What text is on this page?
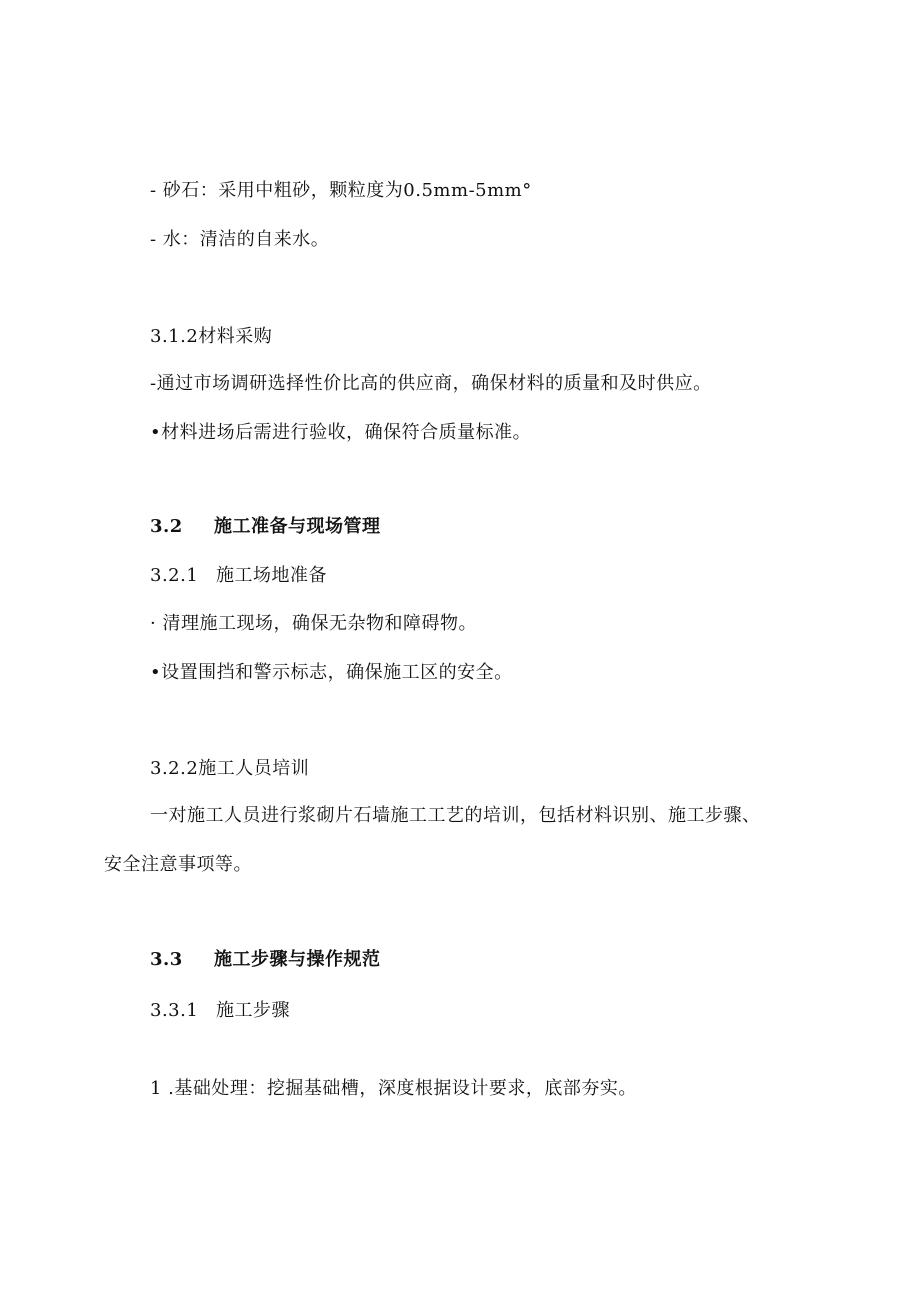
- 砂石：采用中粗砂，颗粒度为0.5mm-5mm°
- 水：清洁的自来水。
3.1.2材料采购
-通过市场调研选择性价比高的供应商，确保材料的质量和及时供应。
•材料进场后需进行验收，确保符合质量标准。
3.2 施工准备与现场管理
3.2.1 施工场地准备
· 清理施工现场，确保无杂物和障碍物。
•设置围挡和警示标志，确保施工区的安全。
3.2.2施工人员培训
一对施工人员进行浆砌片石墙施工工艺的培训，包括材料识别、施工步骤、
安全注意事项等。
3.3 施工步骤与操作规范
3.3.1 施工步骤
1 .基础处理：挖掘基础槽，深度根据设计要求，底部夯实。
